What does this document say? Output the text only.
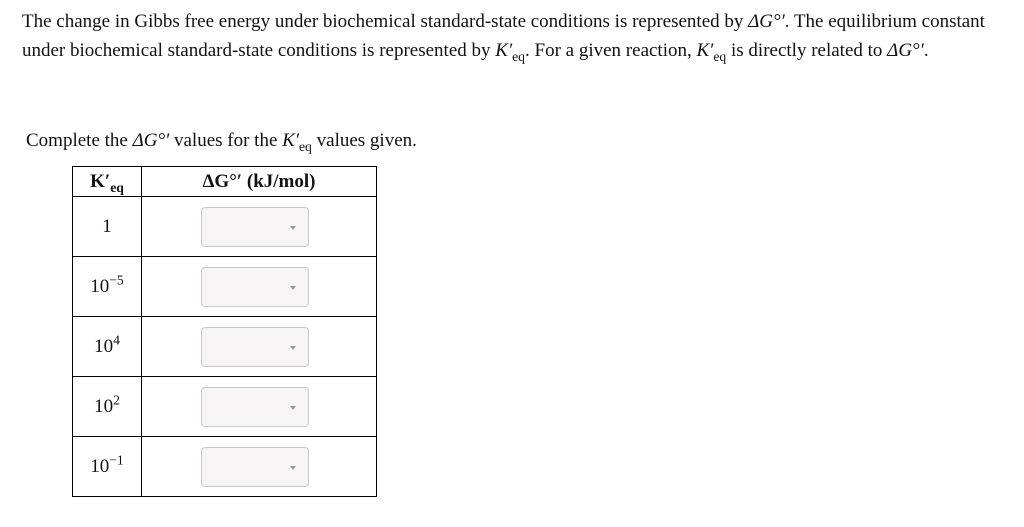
The change in Gibbs free energy under biochemical standard-state conditions is represented by ΔG°′. The equilibrium constant under biochemical standard-state conditions is represented by $K'_{eq}$. For a given reaction, $K'_{eq}$ is directly related to ΔG°′.

Complete the ΔG°′ values for the $K'_{eq}$ values given.

$K'_{eq}$	ΔG°′ (kJ/mol)
1	

$10^{-5}$	

$10^4$	

$10^2$	

$10^{-1}$	
